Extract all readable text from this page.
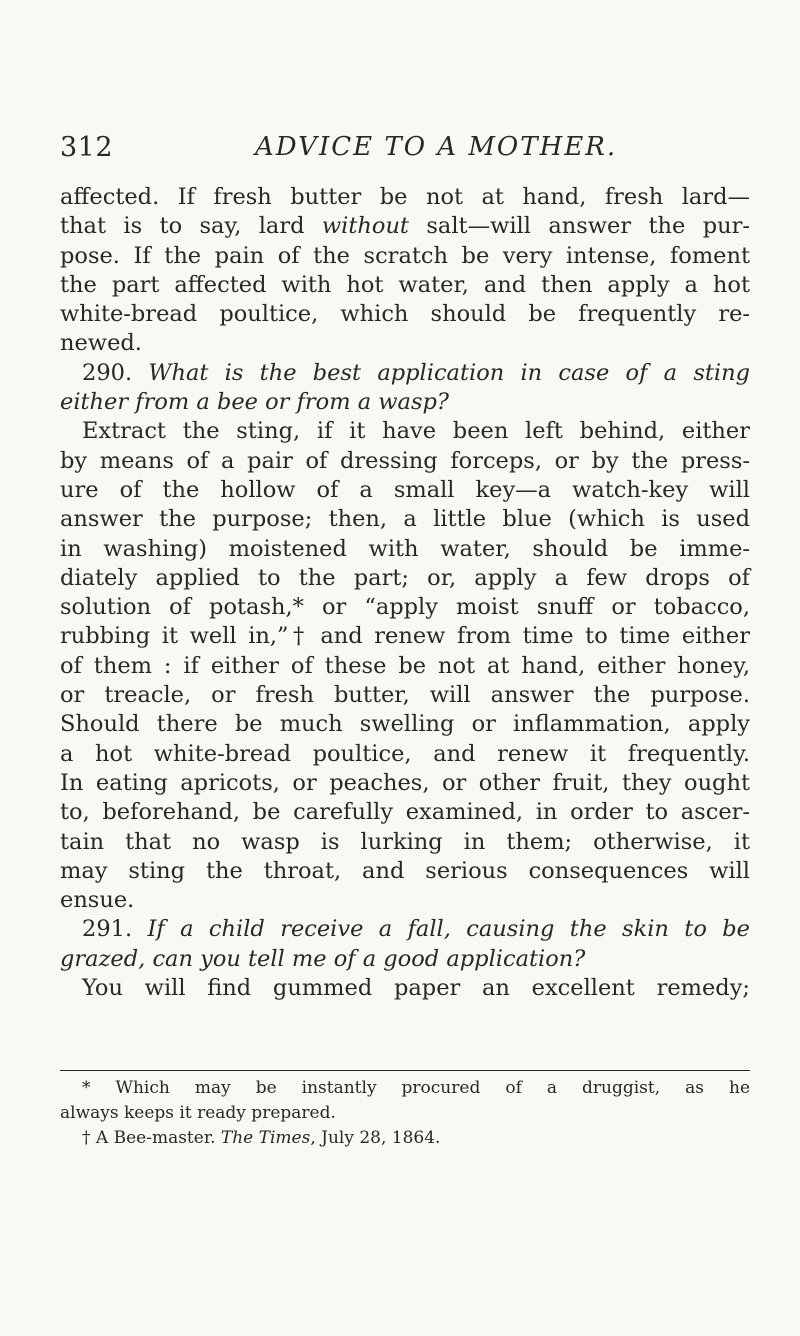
312	ADVICE TO A MOTHER.
affected. If fresh butter be not at hand, fresh lard—
that is to say, lard without salt—will answer the pur-
pose. If the pain of the scratch be very intense, foment
the part affected with hot water, and then apply a hot
white-bread poultice, which should be frequently re-
newed.
290. What is the best application in case of a sting
either from a bee or from a wasp?
Extract the sting, if it have been left behind, either
by means of a pair of dressing forceps, or by the press-
ure of the hollow of a small key—a watch-key will
answer the purpose; then, a little blue (which is used
in washing) moistened with water, should be imme-
diately applied to the part; or, apply a few drops of
solution of potash,* or “apply moist snuff or tobacco,
rubbing it well in,”† and renew from time to time either
of them : if either of these be not at hand, either honey,
or treacle, or fresh butter, will answer the purpose.
Should there be much swelling or inflammation, apply
a hot white-bread poultice, and renew it frequently.
In eating apricots, or peaches, or other fruit, they ought
to, beforehand, be carefully examined, in order to ascer-
tain that no wasp is lurking in them; otherwise, it
may sting the throat, and serious consequences will
ensue.
291. If a child receive a fall, causing the skin to be
grazed, can you tell me of a good application?
You will find gummed paper an excellent remedy;
* Which may be instantly procured of a druggist, as he
always keeps it ready prepared.
† A Bee-master. The Times, July 28, 1864.
